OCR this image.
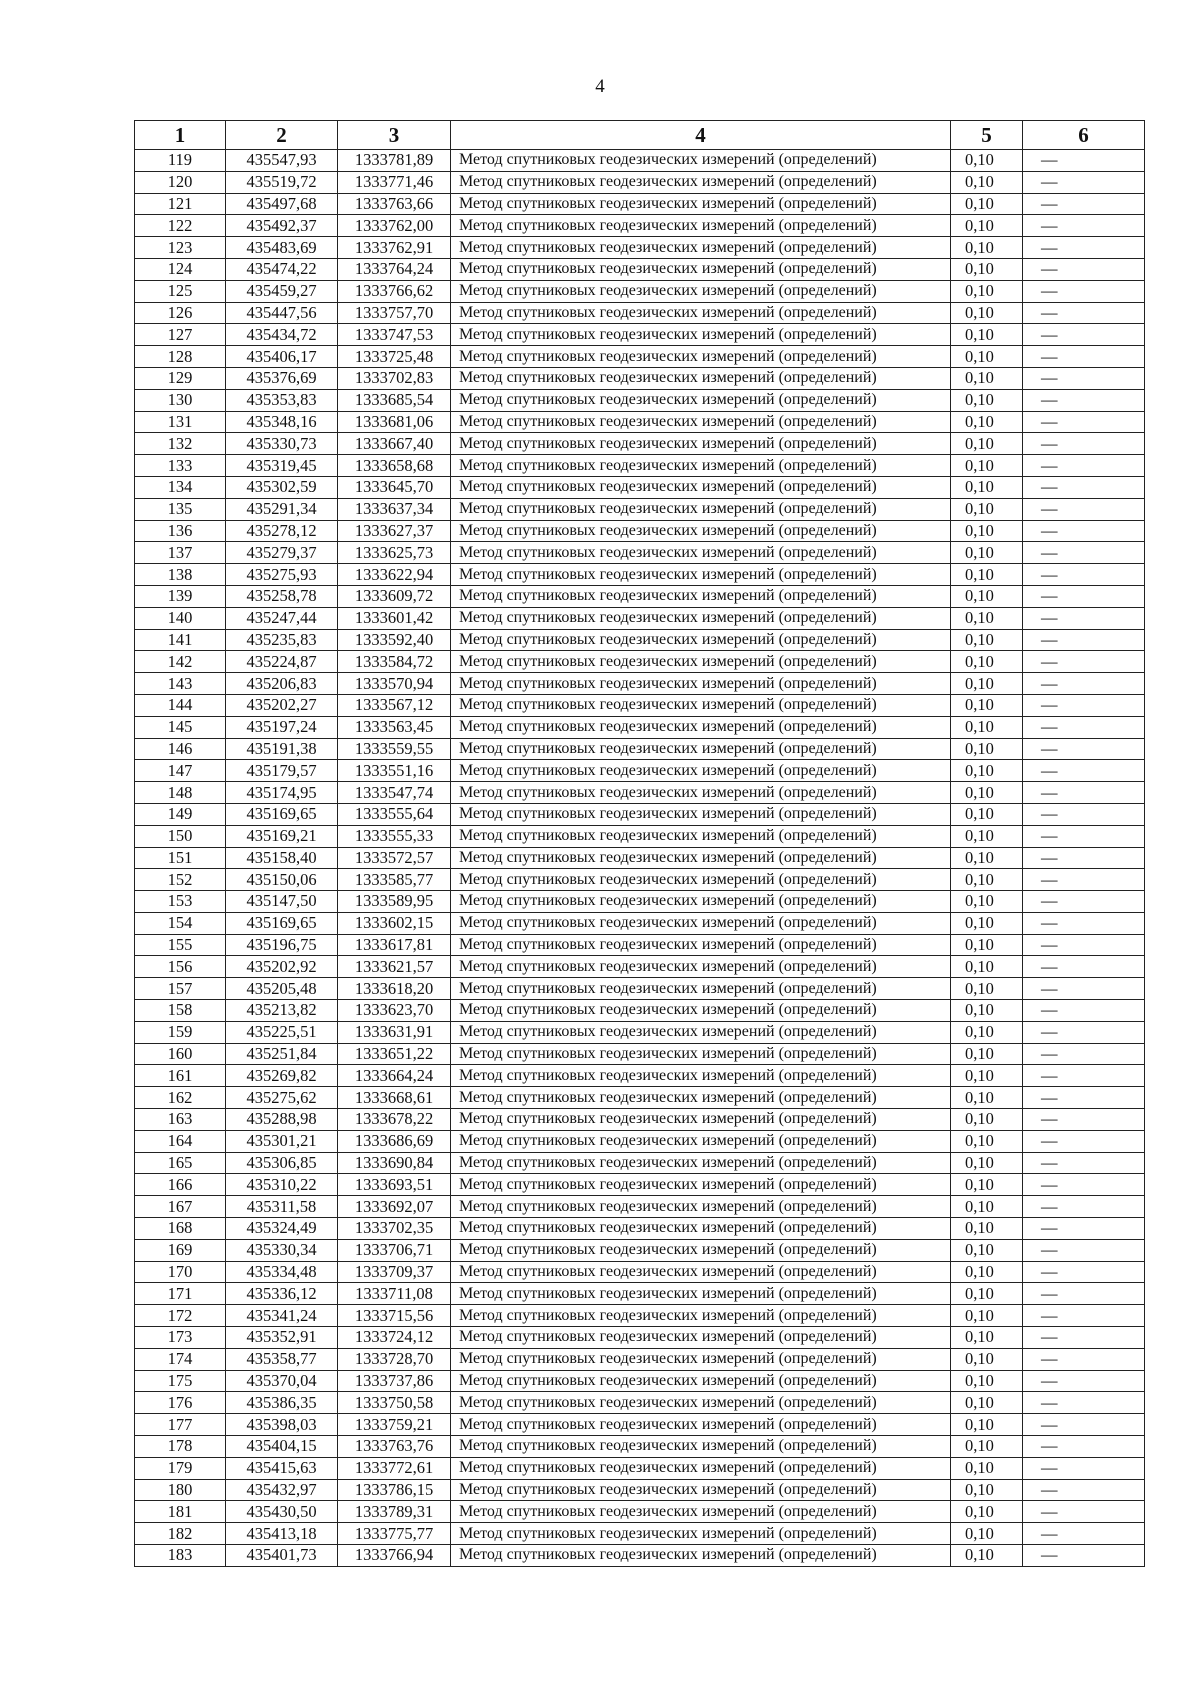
4
1	2	3	4	5	6
119	435547,93	1333781,89	Метод спутниковых геодезических измерений (определений)	0,10	—
120	435519,72	1333771,46	Метод спутниковых геодезических измерений (определений)	0,10	—
121	435497,68	1333763,66	Метод спутниковых геодезических измерений (определений)	0,10	—
122	435492,37	1333762,00	Метод спутниковых геодезических измерений (определений)	0,10	—
123	435483,69	1333762,91	Метод спутниковых геодезических измерений (определений)	0,10	—
124	435474,22	1333764,24	Метод спутниковых геодезических измерений (определений)	0,10	—
125	435459,27	1333766,62	Метод спутниковых геодезических измерений (определений)	0,10	—
126	435447,56	1333757,70	Метод спутниковых геодезических измерений (определений)	0,10	—
127	435434,72	1333747,53	Метод спутниковых геодезических измерений (определений)	0,10	—
128	435406,17	1333725,48	Метод спутниковых геодезических измерений (определений)	0,10	—
129	435376,69	1333702,83	Метод спутниковых геодезических измерений (определений)	0,10	—
130	435353,83	1333685,54	Метод спутниковых геодезических измерений (определений)	0,10	—
131	435348,16	1333681,06	Метод спутниковых геодезических измерений (определений)	0,10	—
132	435330,73	1333667,40	Метод спутниковых геодезических измерений (определений)	0,10	—
133	435319,45	1333658,68	Метод спутниковых геодезических измерений (определений)	0,10	—
134	435302,59	1333645,70	Метод спутниковых геодезических измерений (определений)	0,10	—
135	435291,34	1333637,34	Метод спутниковых геодезических измерений (определений)	0,10	—
136	435278,12	1333627,37	Метод спутниковых геодезических измерений (определений)	0,10	—
137	435279,37	1333625,73	Метод спутниковых геодезических измерений (определений)	0,10	—
138	435275,93	1333622,94	Метод спутниковых геодезических измерений (определений)	0,10	—
139	435258,78	1333609,72	Метод спутниковых геодезических измерений (определений)	0,10	—
140	435247,44	1333601,42	Метод спутниковых геодезических измерений (определений)	0,10	—
141	435235,83	1333592,40	Метод спутниковых геодезических измерений (определений)	0,10	—
142	435224,87	1333584,72	Метод спутниковых геодезических измерений (определений)	0,10	—
143	435206,83	1333570,94	Метод спутниковых геодезических измерений (определений)	0,10	—
144	435202,27	1333567,12	Метод спутниковых геодезических измерений (определений)	0,10	—
145	435197,24	1333563,45	Метод спутниковых геодезических измерений (определений)	0,10	—
146	435191,38	1333559,55	Метод спутниковых геодезических измерений (определений)	0,10	—
147	435179,57	1333551,16	Метод спутниковых геодезических измерений (определений)	0,10	—
148	435174,95	1333547,74	Метод спутниковых геодезических измерений (определений)	0,10	—
149	435169,65	1333555,64	Метод спутниковых геодезических измерений (определений)	0,10	—
150	435169,21	1333555,33	Метод спутниковых геодезических измерений (определений)	0,10	—
151	435158,40	1333572,57	Метод спутниковых геодезических измерений (определений)	0,10	—
152	435150,06	1333585,77	Метод спутниковых геодезических измерений (определений)	0,10	—
153	435147,50	1333589,95	Метод спутниковых геодезических измерений (определений)	0,10	—
154	435169,65	1333602,15	Метод спутниковых геодезических измерений (определений)	0,10	—
155	435196,75	1333617,81	Метод спутниковых геодезических измерений (определений)	0,10	—
156	435202,92	1333621,57	Метод спутниковых геодезических измерений (определений)	0,10	—
157	435205,48	1333618,20	Метод спутниковых геодезических измерений (определений)	0,10	—
158	435213,82	1333623,70	Метод спутниковых геодезических измерений (определений)	0,10	—
159	435225,51	1333631,91	Метод спутниковых геодезических измерений (определений)	0,10	—
160	435251,84	1333651,22	Метод спутниковых геодезических измерений (определений)	0,10	—
161	435269,82	1333664,24	Метод спутниковых геодезических измерений (определений)	0,10	—
162	435275,62	1333668,61	Метод спутниковых геодезических измерений (определений)	0,10	—
163	435288,98	1333678,22	Метод спутниковых геодезических измерений (определений)	0,10	—
164	435301,21	1333686,69	Метод спутниковых геодезических измерений (определений)	0,10	—
165	435306,85	1333690,84	Метод спутниковых геодезических измерений (определений)	0,10	—
166	435310,22	1333693,51	Метод спутниковых геодезических измерений (определений)	0,10	—
167	435311,58	1333692,07	Метод спутниковых геодезических измерений (определений)	0,10	—
168	435324,49	1333702,35	Метод спутниковых геодезических измерений (определений)	0,10	—
169	435330,34	1333706,71	Метод спутниковых геодезических измерений (определений)	0,10	—
170	435334,48	1333709,37	Метод спутниковых геодезических измерений (определений)	0,10	—
171	435336,12	1333711,08	Метод спутниковых геодезических измерений (определений)	0,10	—
172	435341,24	1333715,56	Метод спутниковых геодезических измерений (определений)	0,10	—
173	435352,91	1333724,12	Метод спутниковых геодезических измерений (определений)	0,10	—
174	435358,77	1333728,70	Метод спутниковых геодезических измерений (определений)	0,10	—
175	435370,04	1333737,86	Метод спутниковых геодезических измерений (определений)	0,10	—
176	435386,35	1333750,58	Метод спутниковых геодезических измерений (определений)	0,10	—
177	435398,03	1333759,21	Метод спутниковых геодезических измерений (определений)	0,10	—
178	435404,15	1333763,76	Метод спутниковых геодезических измерений (определений)	0,10	—
179	435415,63	1333772,61	Метод спутниковых геодезических измерений (определений)	0,10	—
180	435432,97	1333786,15	Метод спутниковых геодезических измерений (определений)	0,10	—
181	435430,50	1333789,31	Метод спутниковых геодезических измерений (определений)	0,10	—
182	435413,18	1333775,77	Метод спутниковых геодезических измерений (определений)	0,10	—
183	435401,73	1333766,94	Метод спутниковых геодезических измерений (определений)	0,10	—
